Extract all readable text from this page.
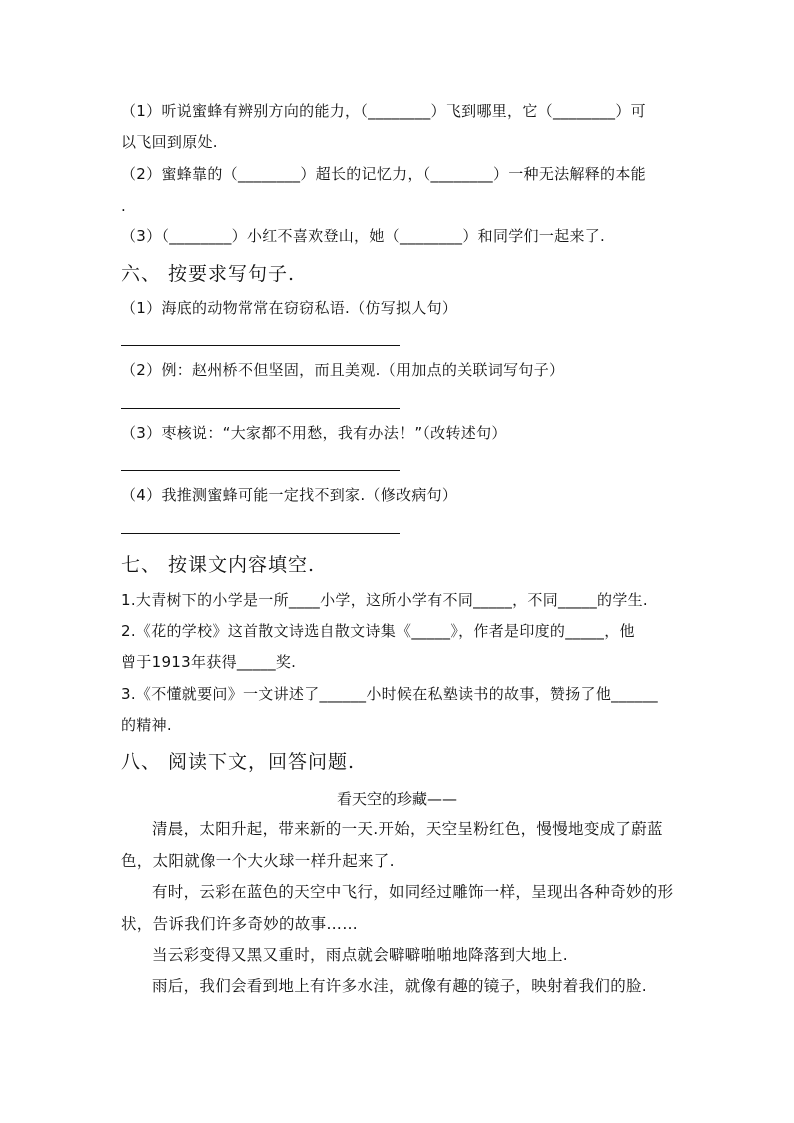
（1）听说蜜蜂有辨别方向的能力，（________）飞到哪里，它（________）可
以飞回到原处.
（2）蜜蜂靠的（________）超长的记忆力，（________）一种无法解释的本能
.
（3）（________）小红不喜欢登山，她（________）和同学们一起来了.
六、 按要求写句子.
（1）海底的动物常常在窃窃私语.（仿写拟人句）
（2）例：赵州桥不但坚固，而且美观.（用加点的关联词写句子）
（3）枣核说：“大家都不用愁，我有办法！”（改转述句）
（4）我推测蜜蜂可能一定找不到家.（修改病句）
七、 按课文内容填空.
1.大青树下的小学是一所____小学，这所小学有不同_____，不同_____的学生.
2.《花的学校》这首散文诗选自散文诗集《_____》，作者是印度的_____，他
曾于1913年获得_____奖.
3.《不懂就要问》一文讲述了______小时候在私塾读书的故事，赞扬了他______
的精神.
八、 阅读下文，回答问题.
看天空的珍藏——
清晨，太阳升起，带来新的一天.开始，天空呈粉红色，慢慢地变成了蔚蓝色，太阳就像一个大火球一样升起来了.
有时，云彩在蓝色的天空中飞行，如同经过雕饰一样，呈现出各种奇妙的形状，告诉我们许多奇妙的故事……
当云彩变得又黑又重时，雨点就会噼噼啪啪地降落到大地上.
雨后，我们会看到地上有许多水洼，就像有趣的镜子，映射着我们的脸.
